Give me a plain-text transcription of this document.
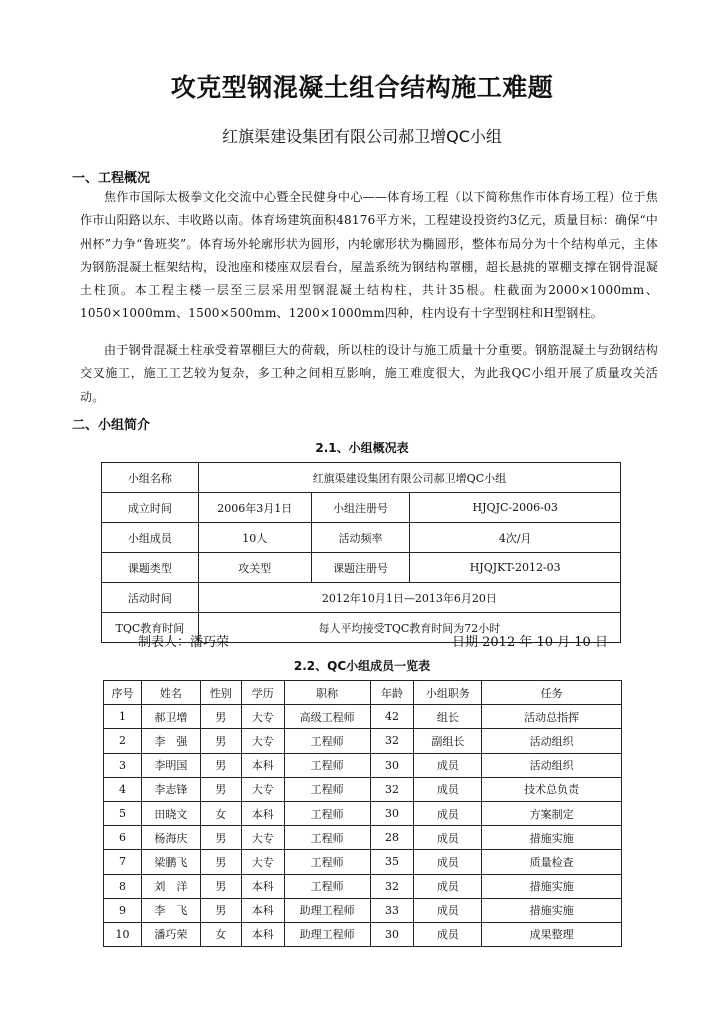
攻克型钢混凝土组合结构施工难题
红旗渠建设集团有限公司郝卫增QC小组
一、工程概况
焦作市国际太极拳文化交流中心暨全民健身中心——体育场工程（以下简称焦作市体育场工程）位于焦作市山阳路以东、丰收路以南。体育场建筑面积48176平方米，工程建设投资约3亿元，质量目标：确保“中州杯”力争“鲁班奖”。体育场外轮廓形状为圆形，内轮廓形状为椭圆形，整体布局分为十个结构单元，主体为钢筋混凝土框架结构，设池座和楼座双层看台，屋盖系统为钢结构罩棚，超长悬挑的罩棚支撑在钢骨混凝土柱顶。本工程主楼一层至三层采用型钢混凝土结构柱，共计35根。柱截面为2000×1000mm、1050×1000mm、1500×500mm、1200×1000mm四种，柱内设有十字型钢柱和H型钢柱。
由于钢骨混凝土柱承受着罩棚巨大的荷载，所以柱的设计与施工质量十分重要。钢筋混凝土与劲钢结构交叉施工，施工工艺较为复杂，多工种之间相互影响，施工难度很大，为此我QC小组开展了质量攻关活动。
二、小组简介
2.1、小组概况表
小组名称	红旗渠建设集团有限公司郝卫增QC小组		
成立时间	2006年3月1日	小组注册号	HJQJC-2006-03
小组成员	10人	活动频率	4次/月
课题类型	攻关型	课题注册号	HJQJKT-2012-03
活动时间	2012年10月1日—2013年6月20日		
TQC教育时间	每人平均接受TQC教育时间为72小时		
制表人：潘巧荣	日期 2012 年 10 月 10 日
2.2、QC小组成员一览表
序号	姓名	性别	学历	职称	年龄	小组职务	任务
1	郝卫增	男	大专	高级工程师	42	组长	活动总指挥
2	李　强	男	大专	工程师	32	副组长	活动组织
3	李明国	男	本科	工程师	30	成员	活动组织
4	李志锋	男	大专	工程师	32	成员	技术总负责
5	田晓文	女	本科	工程师	30	成员	方案制定
6	杨海庆	男	大专	工程师	28	成员	措施实施
7	梁鹏飞	男	大专	工程师	35	成员	质量检查
8	刘　洋	男	本科	工程师	32	成员	措施实施
9	李　飞	男	本科	助理工程师	33	成员	措施实施
10	潘巧荣	女	本科	助理工程师	30	成员	成果整理
